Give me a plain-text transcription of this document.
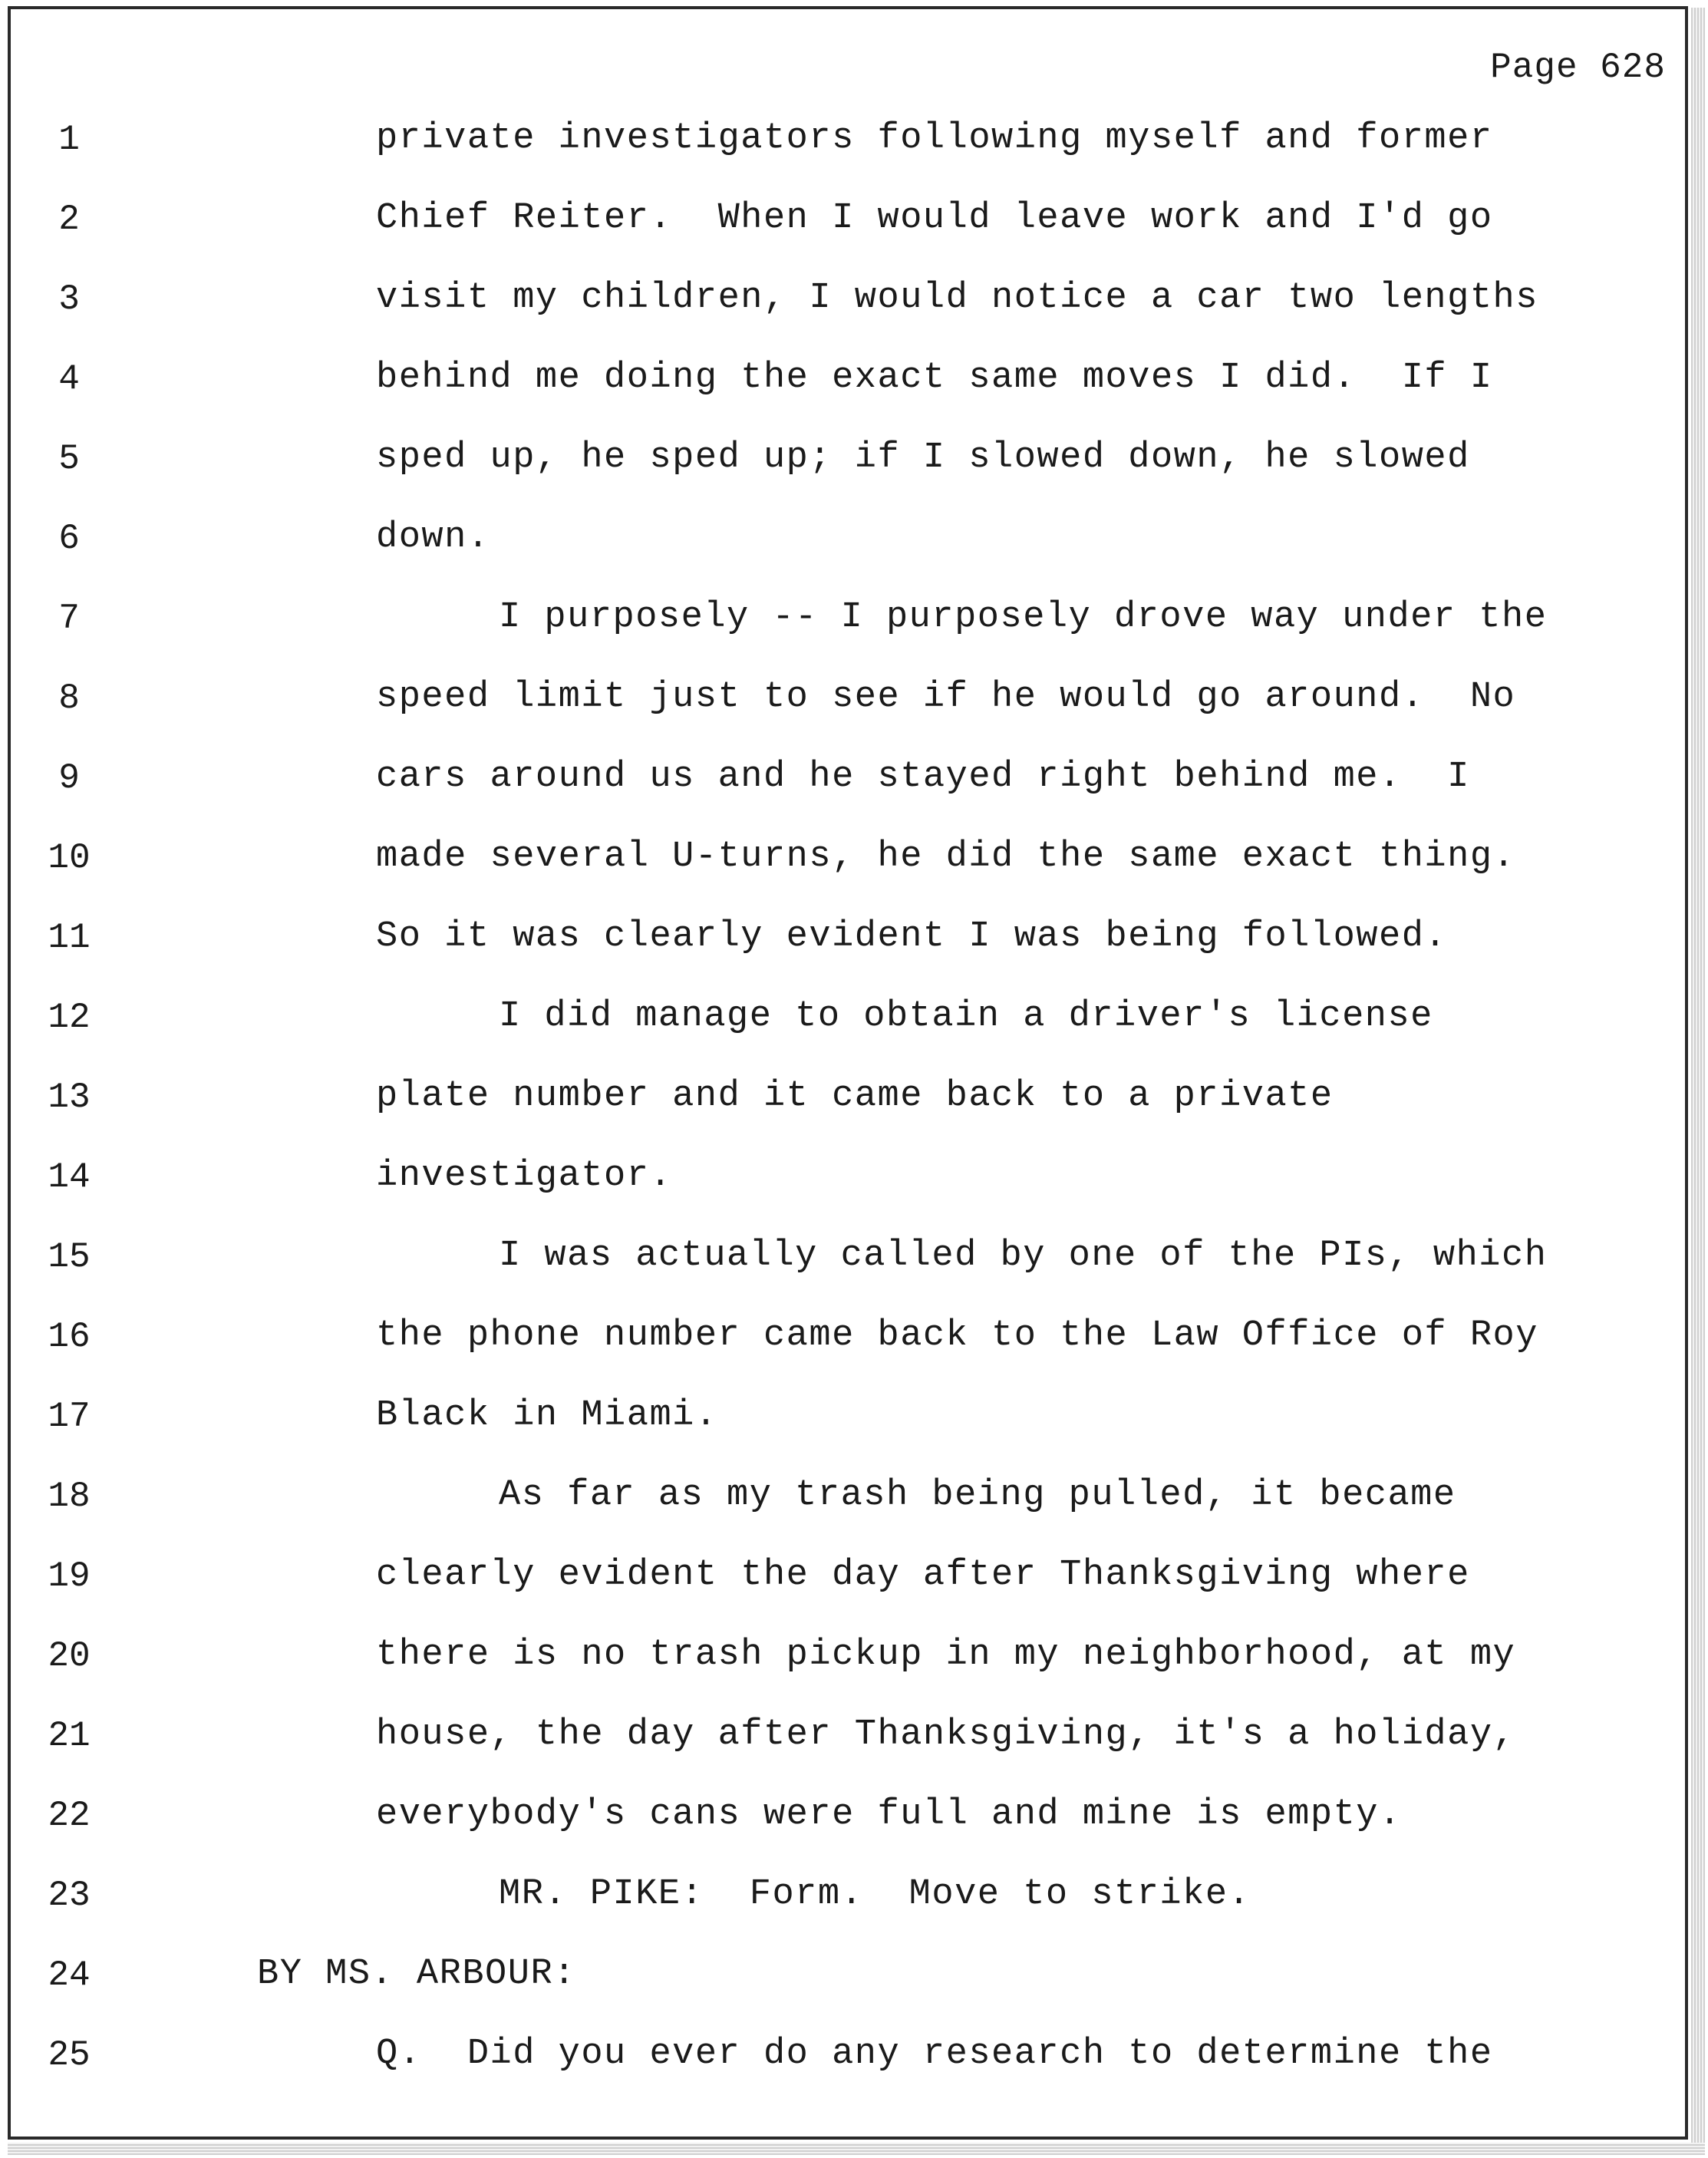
Page 628
1
2
3
4
5
6
7
8
9
10
11
12
13
14
15
16
17
18
19
20
21
22
23
24
25
private investigators following myself and former
Chief Reiter.  When I would leave work and I'd go
visit my children, I would notice a car two lengths
behind me doing the exact same moves I did.  If I
sped up, he sped up; if I slowed down, he slowed
down.
I purposely -- I purposely drove way under the
speed limit just to see if he would go around.  No
cars around us and he stayed right behind me.  I
made several U-turns, he did the same exact thing.
So it was clearly evident I was being followed.
I did manage to obtain a driver's license
plate number and it came back to a private
investigator.
I was actually called by one of the PIs, which
the phone number came back to the Law Office of Roy
Black in Miami.
As far as my trash being pulled, it became
clearly evident the day after Thanksgiving where
there is no trash pickup in my neighborhood, at my
house, the day after Thanksgiving, it's a holiday,
everybody's cans were full and mine is empty.
MR. PIKE:  Form.  Move to strike.
BY MS. ARBOUR:
Q.  Did you ever do any research to determine the
